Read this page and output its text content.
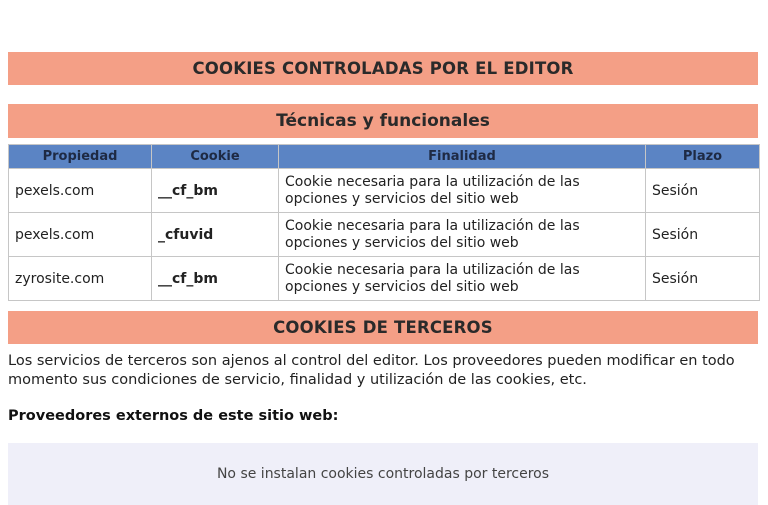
COOKIES CONTROLADAS POR EL EDITOR
Técnicas y funcionales
Propiedad	Cookie	Finalidad	Plazo
pexels.com	__cf_bm	Cookie necesaria para la utilización de las opciones y servicios del sitio web	Sesión
pexels.com	_cfuvid	Cookie necesaria para la utilización de las opciones y servicios del sitio web	Sesión
zyrosite.com	__cf_bm	Cookie necesaria para la utilización de las opciones y servicios del sitio web	Sesión
COOKIES DE TERCEROS

Los servicios de terceros son ajenos al control del editor. Los proveedores pueden modificar en todo momento sus condiciones de servicio, finalidad y utilización de las cookies, etc.

Proveedores externos de este sitio web:
No se instalan cookies controladas por terceros
